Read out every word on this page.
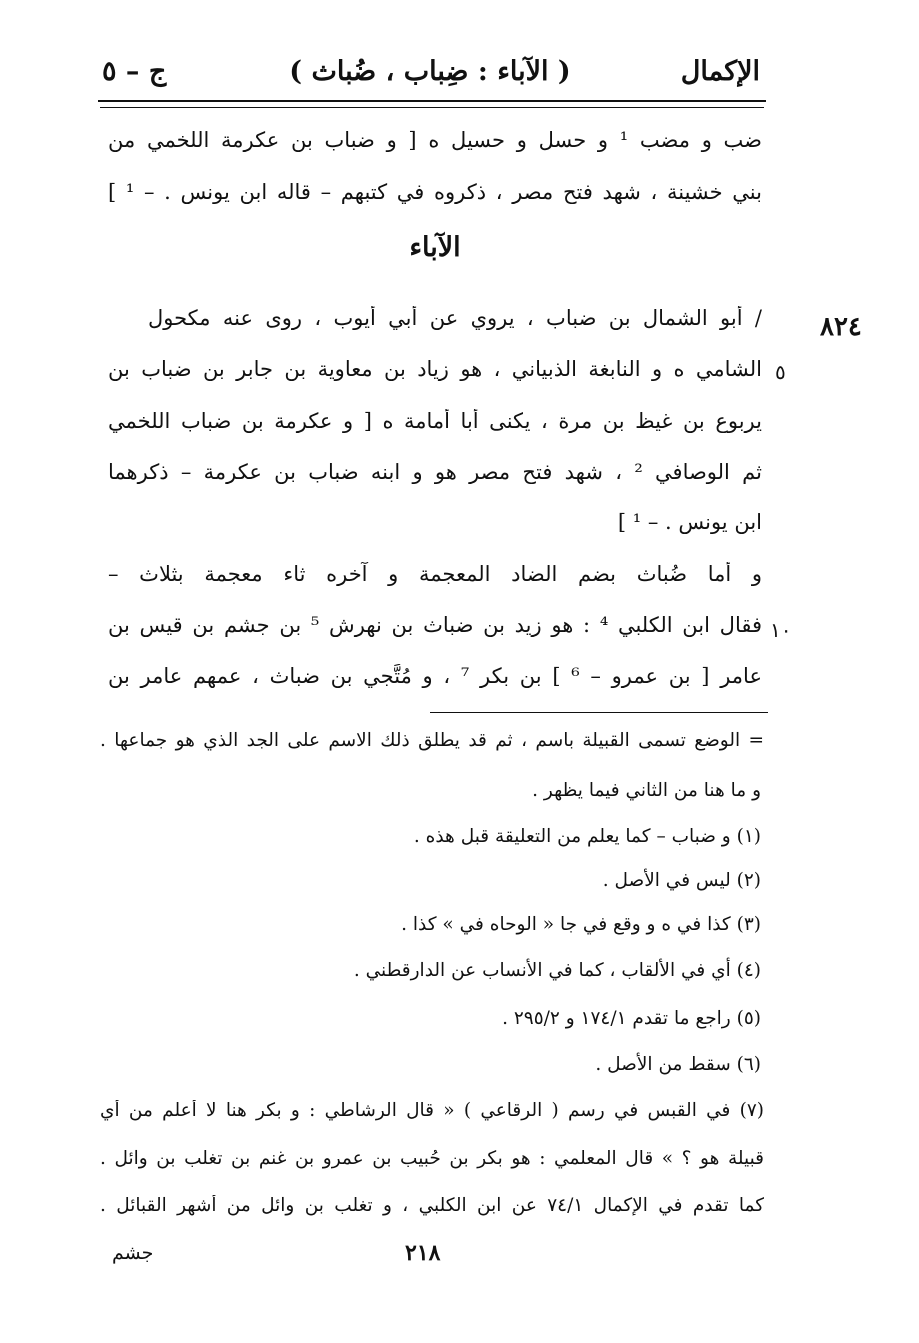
ج – ٥	( الآباء : ضِباب ، ضُباث )	الإكمال
ضب و مضب ¹ و حسل و حسيل ه [ و ضباب بن عكرمة اللخمي من
بني خشينة ، شهد فتح مصر ، ذكروه في كتبهم – قاله ابن يونس . – ¹ ]
الآباء
/ أبو الشمال بن ضباب ، يروي عن أبي أيوب ، روى عنه مكحول
الشامي ه و النابغة الذبياني ، هو زياد بن معاوية بن جابر بن ضباب بن
يربوع بن غيظ بن مرة ، يكنى أبا أمامة ه [ و عكرمة بن ضباب اللخمي
ثم الوصافي ² ، شهد فتح مصر هو و ابنه ضباب بن عكرمة – ذكرهما
ابن يونس . – ¹ ]
و أما ضُباث بضم الضاد المعجمة و آخره ثاء معجمة بثلاث –
فقال ابن الكلبي ⁴ : هو زيد بن ضباث بن نهرش ⁵ بن جشم بن قيس بن
عامر [ بن عمرو – ⁶ ] بن بكر ⁷ ، و مُتَّجي بن ضباث ، عمهم عامر بن
٨٢٤
٥
١٠
= الوضع تسمى القبيلة باسم ، ثم قد يطلق ذلك الاسم على الجد الذي هو جماعها .
و ما هنا من الثاني فيما يظهر .
(١) و ضباب – كما يعلم من التعليقة قبل هذه .
(٢) ليس في الأصل .
(٣) كذا في ه و وقع في جا « الوحاه في » كذا .
(٤) أي في الألقاب ، كما في الأنساب عن الدارقطني .
(٥) راجع ما تقدم ١٧٤/١ و ٢٩٥/٢ .
(٦) سقط من الأصل .
(٧) في القبس في رسم ( الرقاعي ) « قال الرشاطي : و بكر هنا لا أعلم من أي
قبيلة هو ؟ » قال المعلمي : هو بكر بن حُبيب بن عمرو بن غنم بن تغلب بن وائل .
كما تقدم في الإكمال ٧٤/١ عن ابن الكلبي ، و تغلب بن وائل من أشهر القبائل .
٢١٨
جشم
